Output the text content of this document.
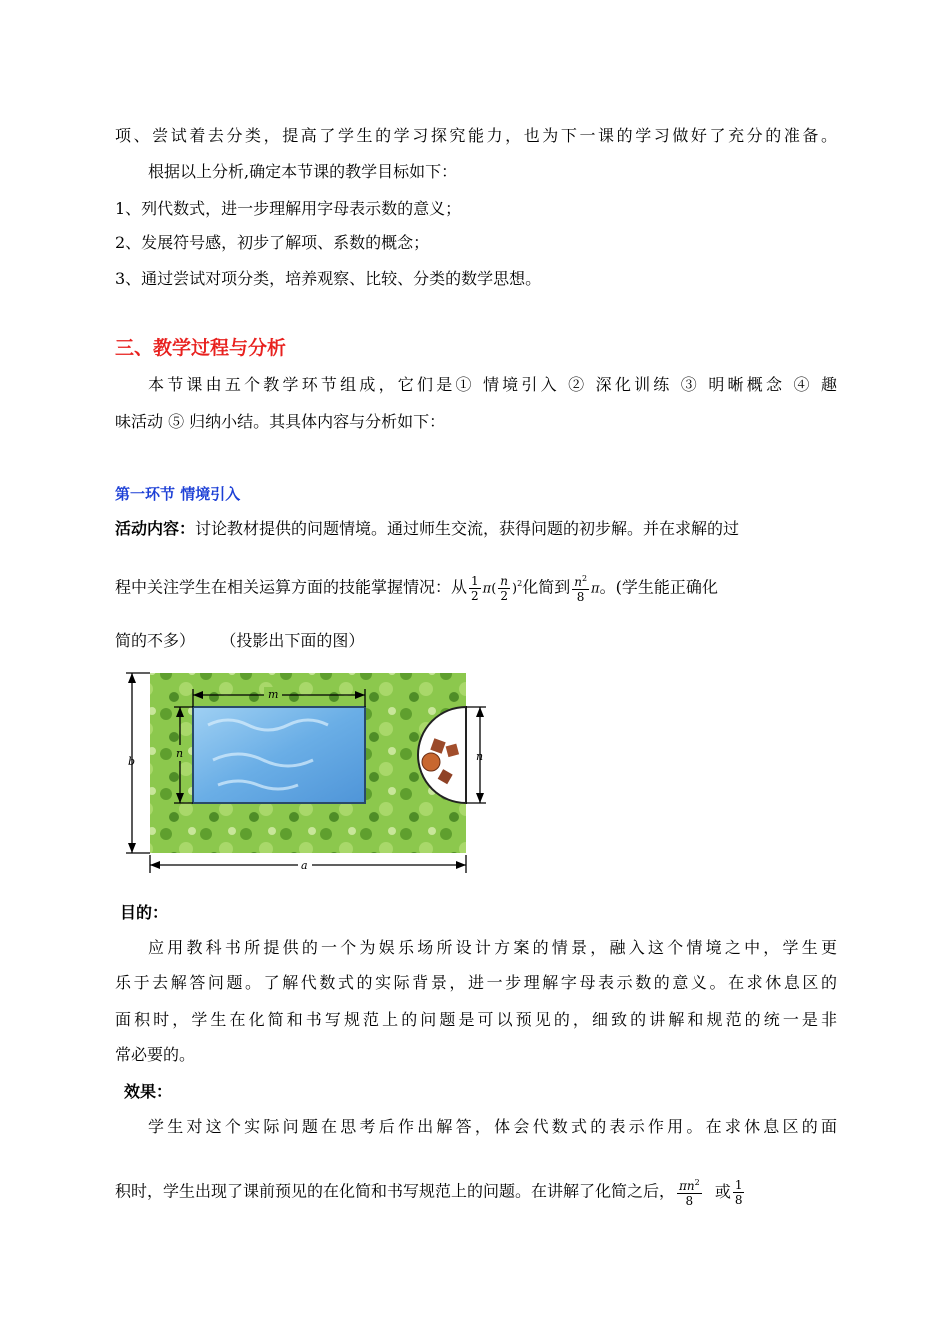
项、尝试着去分类，提高了学生的学习探究能力，也为下一课的学习做好了充分的准备。
根据以上分析,确定本节课的教学目标如下：
1、列代数式，进一步理解用字母表示数的意义；
2、发展符号感，初步了解项、系数的概念；
3、通过尝试对项分类，培养观察、比较、分类的数学思想。
三、教学过程与分析
本节课由五个教学环节组成，它们是① 情境引入 ② 深化训练 ③ 明晰概念 ④ 趣
味活动 ⑤ 归纳小结。其具体内容与分析如下：
第一环节 情境引入
活动内容：讨论教材提供的问题情境。通过师生交流，获得问题的初步解。并在求解的过
程中关注学生在相关运算方面的技能掌握情况：从 $\frac{1}{2} \pi( \frac{n}{2} )^2$化简到 $\frac{n^2}{8}$ π。(学生能正确化
简的不多）     （投影出下面的图）
m
n
b	n
a
目的：
应用教科书所提供的一个为娱乐场所设计方案的情景，融入这个情境之中，学生更
乐于去解答问题。了解代数式的实际背景，进一步理解字母表示数的意义。在求休息区的
面积时，学生在化简和书写规范上的问题是可以预见的，细致的讲解和规范的统一是非
常必要的。
效果：
学生对这个实际问题在思考后作出解答，体会代数式的表示作用。在求休息区的面
积时，学生出现了课前预见的在化简和书写规范上的问题。在讲解了化简之后， $\frac{\pi n^2}{8}$ 或 $\frac{1}{8}$
